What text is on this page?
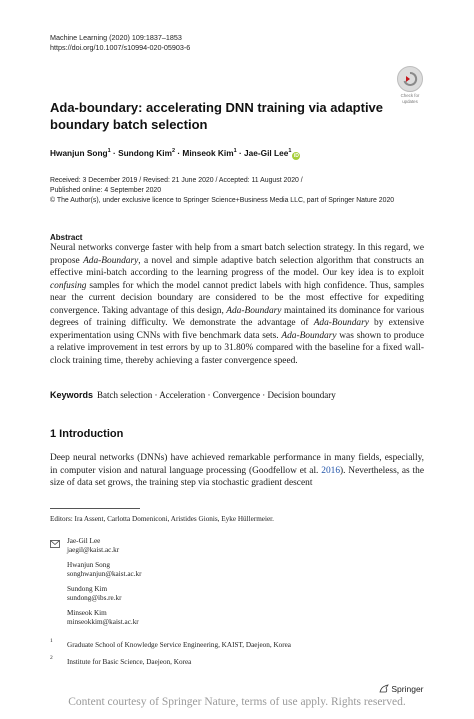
Machine Learning (2020) 109:1837–1853
https://doi.org/10.1007/s10994-020-05903-6
Check for
updates
Ada-boundary: accelerating DNN training via adaptive boundary batch selection
Hwanjun Song$^1$ · Sundong Kim$^2$ · Minseok Kim$^1$ · Jae-Gil Lee$^1$iD
Received: 3 December 2019 / Revised: 21 June 2020 / Accepted: 11 August 2020 /
Published online: 4 September 2020
© The Author(s), under exclusive licence to Springer Science+Business Media LLC, part of Springer Nature 2020
Abstract
Neural networks converge faster with help from a smart batch selection strategy. In this regard, we propose Ada-Boundary, a novel and simple adaptive batch selection algorithm that constructs an effective mini-batch according to the learning progress of the model. Our key idea is to exploit confusing samples for which the model cannot predict labels with high confidence. Thus, samples near the current decision boundary are considered to be the most effective for expediting convergence. Taking advantage of this design, Ada-Boundary maintained its dominance for various degrees of training difficulty. We demonstrate the advantage of Ada-Boundary by extensive experimentation using CNNs with five benchmark data sets. Ada-Boundary was shown to produce a relative improvement in test errors by up to 31.80% compared with the baseline for a fixed wall-clock training time, thereby achieving a faster convergence speed.
Keywords Batch selection · Acceleration · Convergence · Decision boundary
1 Introduction
Deep neural networks (DNNs) have achieved remarkable performance in many fields, especially, in computer vision and natural language processing (Goodfellow et al. 2016). Nevertheless, as the size of data set grows, the training step via stochastic gradient descent
Editors: Ira Assent, Carlotta Domeniconi, Aristides Gionis, Eyke Hüllermeier.
Jae-Gil Lee
jaegil@kaist.ac.kr
Hwanjun Song
songhwanjun@kaist.ac.kr
Sundong Kim
sundong@ibs.re.kr
Minseok Kim
minseokkim@kaist.ac.kr
1 Graduate School of Knowledge Service Engineering, KAIST, Daejeon, Korea
2 Institute for Basic Science, Daejeon, Korea
Springer
Content courtesy of Springer Nature, terms of use apply. Rights reserved.
